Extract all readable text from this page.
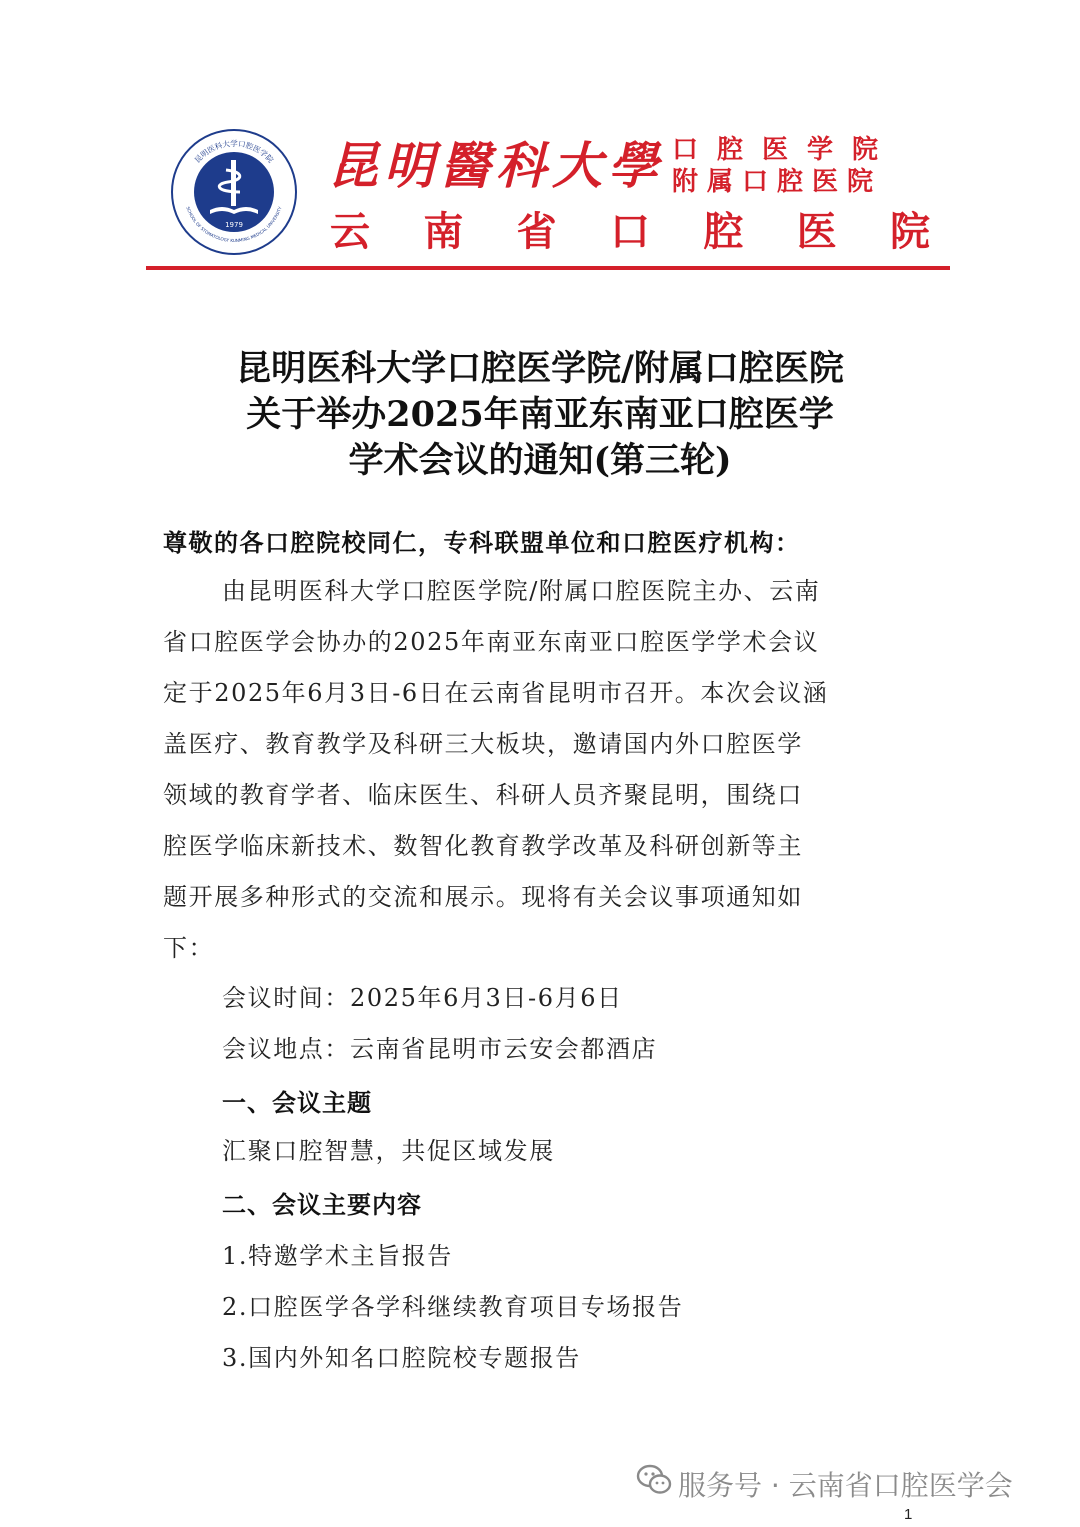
昆明医科大学口腔医学院
SCHOOL OF STOMATOLOGY KUNMING MEDICAL UNIVERSITY
1979
昆明醫科大學 口腔医学院
附属口腔医院
云 南 省 口 腔 医 院
昆明医科大学口腔医学院/附属口腔医院
关于举办2025年南亚东南亚口腔医学
学术会议的通知(第三轮)
尊敬的各口腔院校同仁，专科联盟单位和口腔医疗机构：
由昆明医科大学口腔医学院/附属口腔医院主办、云南
省口腔医学会协办的2025年南亚东南亚口腔医学学术会议
定于2025年6月3日-6日在云南省昆明市召开。本次会议涵
盖医疗、教育教学及科研三大板块，邀请国内外口腔医学
领域的教育学者、临床医生、科研人员齐聚昆明，围绕口
腔医学临床新技术、数智化教育教学改革及科研创新等主
题开展多种形式的交流和展示。现将有关会议事项通知如
下：
会议时间：2025年6月3日-6月6日
会议地点：云南省昆明市云安会都酒店
一、会议主题
汇聚口腔智慧，共促区域发展
二、会议主要内容
1.特邀学术主旨报告
2.口腔医学各学科继续教育项目专场报告
3.国内外知名口腔院校专题报告
服务号 · 云南省口腔医学会
1
